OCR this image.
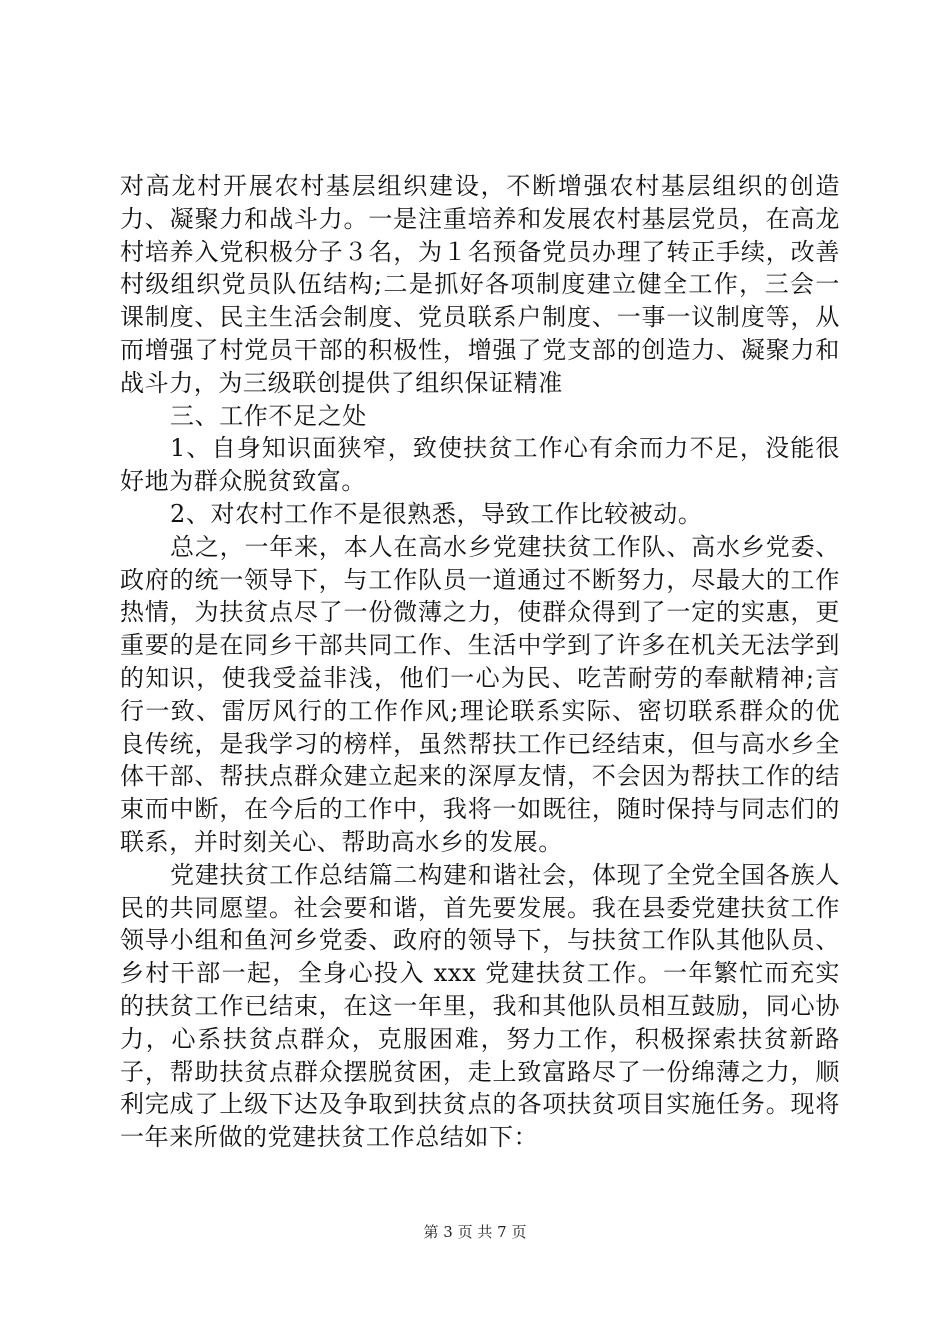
对高龙村开展农村基层组织建设，不断增强农村基层组织的创造力、凝聚力和战斗力。一是注重培养和发展农村基层党员，在高龙村培养入党积极分子３名，为１名预备党员办理了转正手续，改善村级组织党员队伍结构;二是抓好各项制度建立健全工作，三会一课制度、民主生活会制度、党员联系户制度、一事一议制度等，从而增强了村党员干部的积极性，增强了党支部的创造力、凝聚力和战斗力，为三级联创提供了组织保证精准

三、工作不足之处

1、自身知识面狭窄，致使扶贫工作心有余而力不足，没能很好地为群众脱贫致富。

2、对农村工作不是很熟悉，导致工作比较被动。

总之，一年来，本人在高水乡党建扶贫工作队、高水乡党委、政府的统一领导下，与工作队员一道通过不断努力，尽最大的工作热情，为扶贫点尽了一份微薄之力，使群众得到了一定的实惠，更重要的是在同乡干部共同工作、生活中学到了许多在机关无法学到的知识，使我受益非浅，他们一心为民、吃苦耐劳的奉献精神;言行一致、雷厉风行的工作作风;理论联系实际、密切联系群众的优良传统，是我学习的榜样，虽然帮扶工作已经结束，但与高水乡全体干部、帮扶点群众建立起来的深厚友情，不会因为帮扶工作的结束而中断，在今后的工作中，我将一如既往，随时保持与同志们的联系，并时刻关心、帮助高水乡的发展。

党建扶贫工作总结篇二构建和谐社会，体现了全党全国各族人民的共同愿望。社会要和谐，首先要发展。我在县委党建扶贫工作领导小组和鱼河乡党委、政府的领导下，与扶贫工作队其他队员、乡村干部一起，全身心投入 xxx 党建扶贫工作。一年繁忙而充实的扶贫工作已结束，在这一年里，我和其他队员相互鼓励，同心协力，心系扶贫点群众，克服困难，努力工作，积极探索扶贫新路子，帮助扶贫点群众摆脱贫困，走上致富路尽了一份绵薄之力，顺利完成了上级下达及争取到扶贫点的各项扶贫项目实施任务。现将一年来所做的党建扶贫工作总结如下：

第 3 页 共 7 页
